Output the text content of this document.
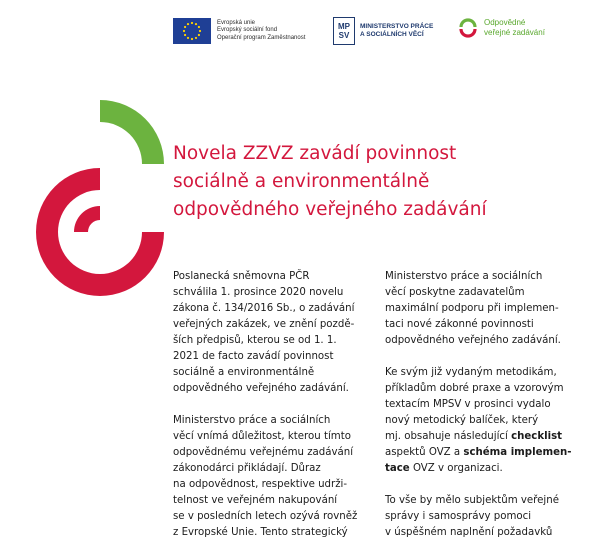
Evropská unie
Evropský sociální fond
Operační program Zaměstnanost
MP
SV
MINISTERSTVO PRÁCE
A SOCIÁLNÍCH VĚCÍ
Odpovědné
veřejné zadávání
Novela ZZVZ zavádí povinnost
sociálně a environmentálně
odpovědného veřejného zadávání

Poslanecká sněmovna PČR
schválila 1. prosince 2020 novelu
zákona č. 134/2016 Sb., o zadávání
veřejných zakázek, ve znění pozdě-
ších předpisů, kterou se od 1. 1.
2021 de facto zavádí povinnost
sociálně a environmentálně
odpovědného veřejného zadávání.

Ministerstvo práce a sociálních
věcí vnímá důležitost, kterou tímto
odpovědnému veřejnému zadávání
zákonodárci přikládají. Důraz
na odpovědnost, respektive udrži-
telnost ve veřejném nakupování
se v posledních letech ozývá rovněž
z Evropské Unie. Tento strategický

Ministerstvo práce a sociálních
věcí poskytne zadavatelům
maximální podporu při implemen-
taci nové zákonné povinnosti
odpovědného veřejného zadávání.

Ke svým již vydaným metodikám,
příkladům dobré praxe a vzorovým
textacím MPSV v prosinci vydalo
nový metodický balíček, který
mj. obsahuje následující checklist
aspektů OVZ a schéma implemen-
tace OVZ v organizaci.

To vše by mělo subjektům veřejné
správy i samosprávy pomoci
v úspěšném naplnění požadavků
